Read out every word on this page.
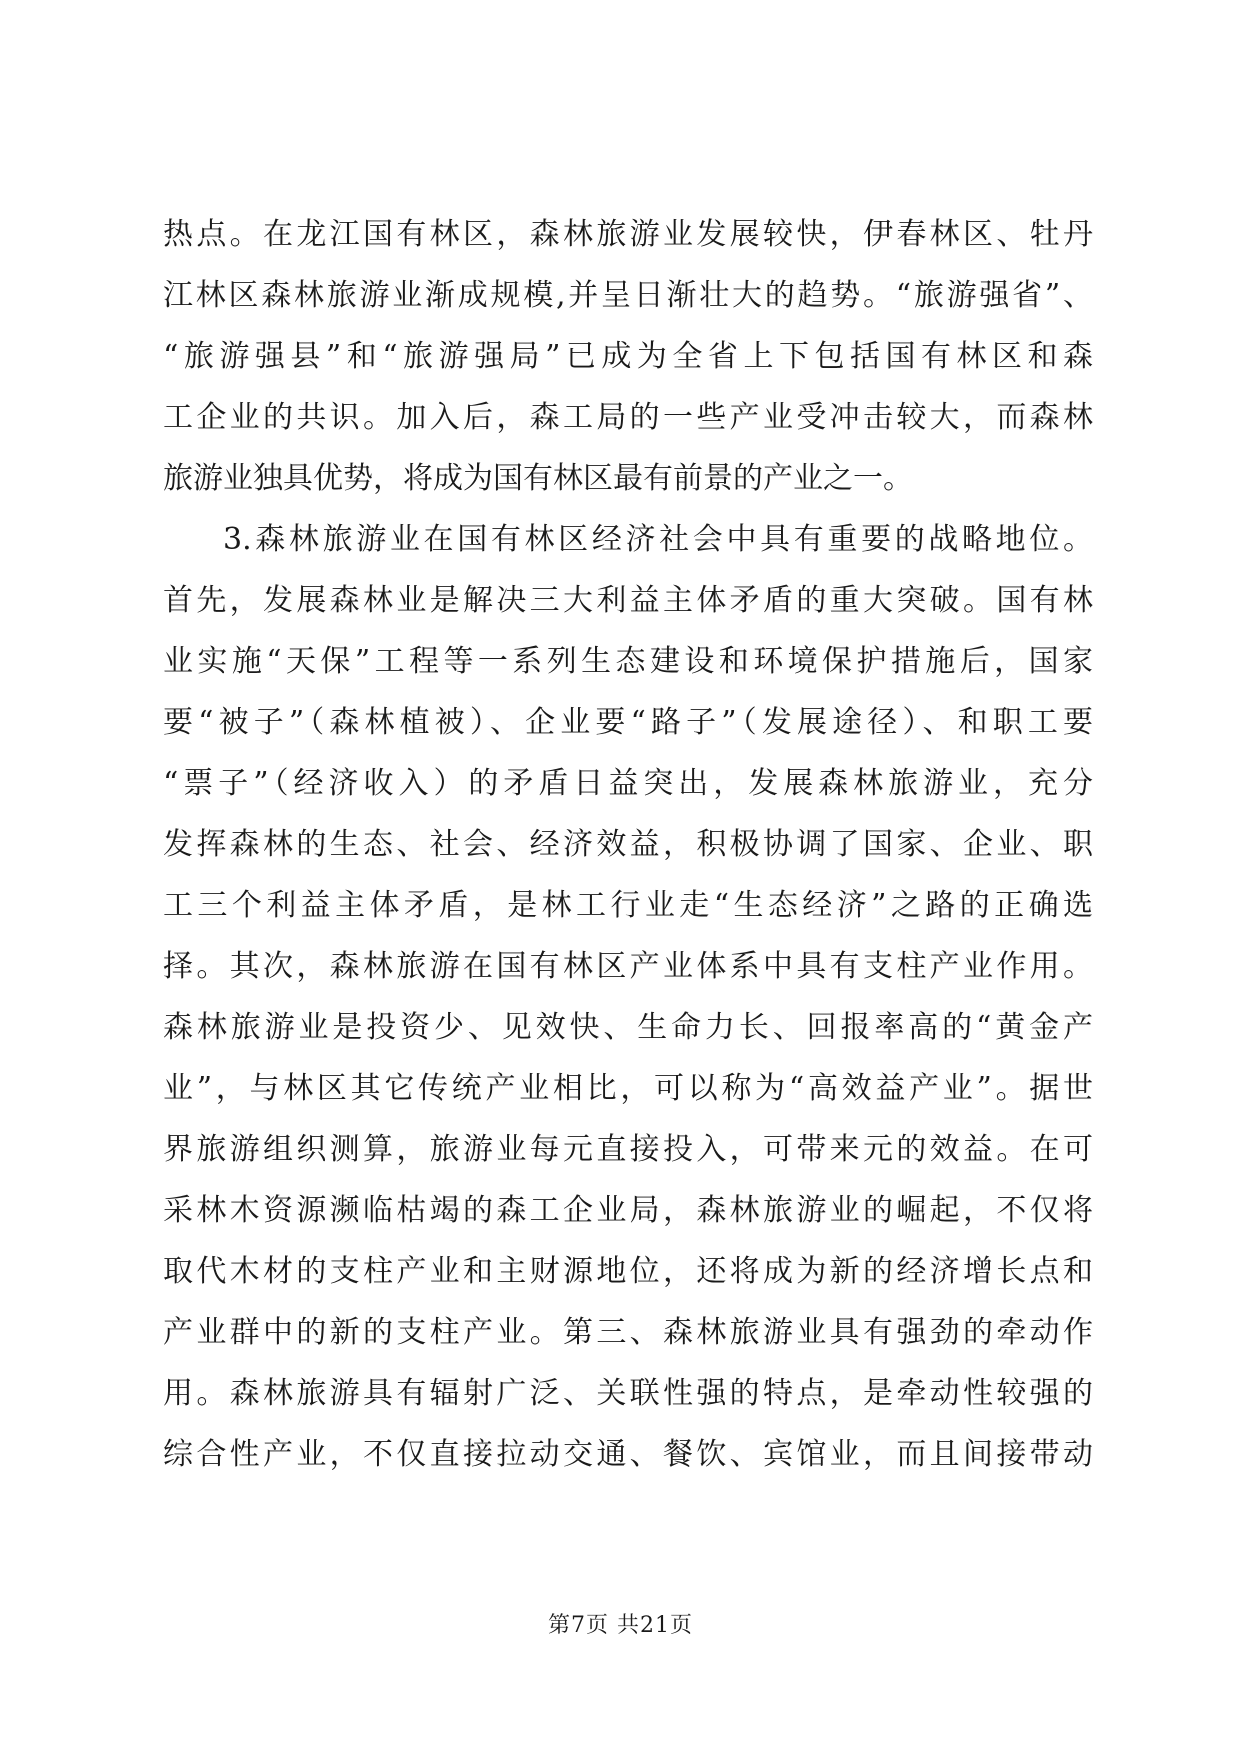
热点。在龙江国有林区，森林旅游业发展较快，伊春林区、牡丹
江林区森林旅游业渐成规模,并呈日渐壮大的趋势。“旅游强省”、
“旅游强县”和“旅游强局”已成为全省上下包括国有林区和森
工企业的共识。加入后，森工局的一些产业受冲击较大，而森林
旅游业独具优势，将成为国有林区最有前景的产业之一。
3.森林旅游业在国有林区经济社会中具有重要的战略地位。
首先，发展森林业是解决三大利益主体矛盾的重大突破。国有林
业实施“天保”工程等一系列生态建设和环境保护措施后，国家
要“被子”（森林植被）、企业要“路子”（发展途径）、和职工要
“票子”（经济收入）的矛盾日益突出，发展森林旅游业，充分
发挥森林的生态、社会、经济效益，积极协调了国家、企业、职
工三个利益主体矛盾，是林工行业走“生态经济”之路的正确选
择。其次，森林旅游在国有林区产业体系中具有支柱产业作用。
森林旅游业是投资少、见效快、生命力长、回报率高的“黄金产
业”，与林区其它传统产业相比，可以称为“高效益产业”。据世
界旅游组织测算，旅游业每元直接投入，可带来元的效益。在可
采林木资源濒临枯竭的森工企业局，森林旅游业的崛起，不仅将
取代木材的支柱产业和主财源地位，还将成为新的经济增长点和
产业群中的新的支柱产业。第三、森林旅游业具有强劲的牵动作
用。森林旅游具有辐射广泛、关联性强的特点，是牵动性较强的
综合性产业，不仅直接拉动交通、餐饮、宾馆业，而且间接带动
第7页 共21页
